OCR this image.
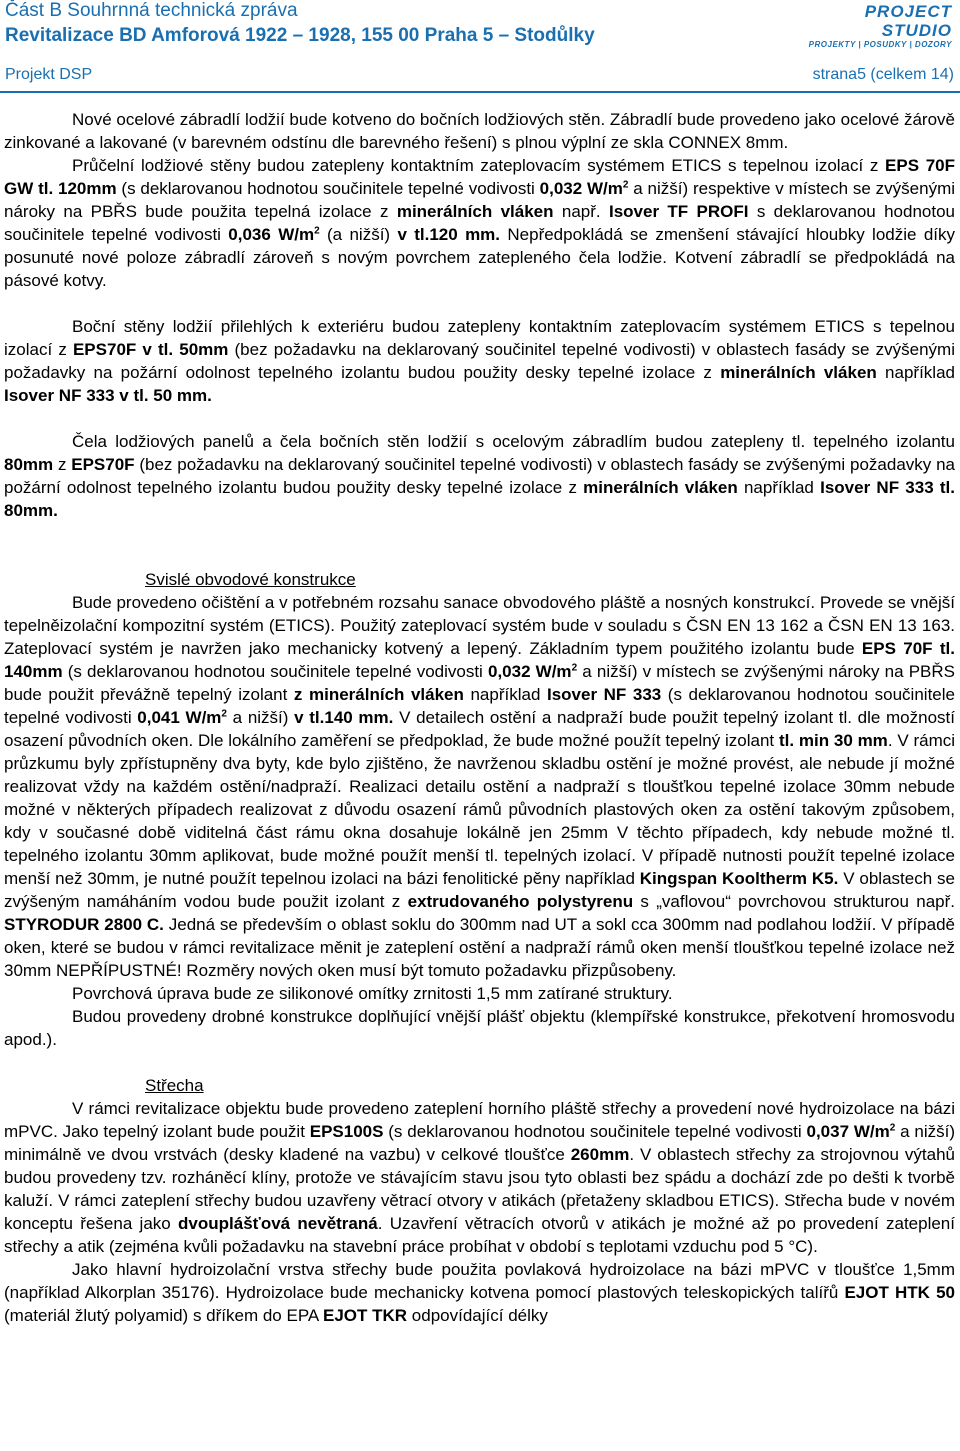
Část B Souhrnná technická zpráva
Revitalizace BD Amforová 1922 – 1928, 155 00 Praha 5 – Stodůlky
PROJECT
STUDIO
PROJEKTY | POSUDKY | DOZORY
Projekt DSP	strana5 (celkem 14)

Nové ocelové zábradlí lodžií bude kotveno do bočních lodžiových stěn. Zábradlí bude provedeno jako ocelové žárově zinkované a lakované (v barevném odstínu dle barevného řešení) s plnou výplní ze skla CONNEX 8mm.

Průčelní lodžiové stěny budou zatepleny kontaktním zateplovacím systémem ETICS s tepelnou izolací z EPS 70F GW tl. 120mm (s deklarovanou hodnotou součinitele tepelné vodivosti 0,032 $W/m^2$ a nižší) respektive v místech se zvýšenými nároky na PBŘS bude použita tepelná izolace z minerálních vláken např. Isover TF PROFI s deklarovanou hodnotou součinitele tepelné vodivosti 0,036 $W/m^2$ (a nižší) v tl.120 mm. Nepředpokládá se zmenšení stávající hloubky lodžie díky posunuté nové poloze zábradlí zároveň s novým povrchem zatepleného čela lodžie. Kotvení zábradlí se předpokládá na pásové kotvy.

Boční stěny lodžií přilehlých k exteriéru budou zatepleny kontaktním zateplovacím systémem ETICS s tepelnou izolací z EPS70F v tl. 50mm (bez požadavku na deklarovaný součinitel tepelné vodivosti) v oblastech fasády se zvýšenými požadavky na požární odolnost tepelného izolantu budou použity desky tepelné izolace z minerálních vláken například Isover NF 333 v tl. 50 mm.

Čela lodžiových panelů a čela bočních stěn lodžií s ocelovým zábradlím budou zatepleny tl. tepelného izolantu 80mm z EPS70F (bez požadavku na deklarovaný součinitel tepelné vodivosti) v oblastech fasády se zvýšenými požadavky na požární odolnost tepelného izolantu budou použity desky tepelné izolace z minerálních vláken například Isover NF 333 tl. 80mm.

Svislé obvodové konstrukce

Bude provedeno očištění a v potřebném rozsahu sanace obvodového pláště a nosných konstrukcí. Provede se vnější tepelněizolační kompozitní systém (ETICS). Použitý zateplovací systém bude v souladu s ČSN EN 13 162 a ČSN EN 13 163. Zateplovací systém je navržen jako mechanicky kotvený a lepený. Základním typem použitého izolantu bude EPS 70F tl. 140mm (s deklarovanou hodnotou součinitele tepelné vodivosti 0,032 $W/m^2$ a nižší) v místech se zvýšenými nároky na PBŘS bude použit převážně tepelný izolant z minerálních vláken například Isover NF 333 (s deklarovanou hodnotou součinitele tepelné vodivosti 0,041 $W/m^2$ a nižší) v tl.140 mm. V detailech ostění a nadpraží bude použit tepelný izolant tl. dle možností osazení původních oken. Dle lokálního zaměření se předpoklad, že bude možné použít tepelný izolant tl. min 30 mm. V rámci průzkumu byly zpřístupněny dva byty, kde bylo zjištěno, že navrženou skladbu ostění je možné provést, ale nebude jí možné realizovat vždy na každém ostění/nadpraží. Realizaci detailu ostění a nadpraží s tloušťkou tepelné izolace 30mm nebude možné v některých případech realizovat z důvodu osazení rámů původních plastových oken za ostění takovým způsobem, kdy v současné době viditelná část rámu okna dosahuje lokálně jen 25mm V těchto případech, kdy nebude možné tl. tepelného izolantu 30mm aplikovat, bude možné použít menší tl. tepelných izolací. V případě nutnosti použít tepelné izolace menší než 30mm, je nutné použít tepelnou izolaci na bázi fenolitické pěny například Kingspan Kooltherm K5. V oblastech se zvýšeným namáháním vodou bude použit izolant z extrudovaného polystyrenu s „vaflovou“ povrchovou strukturou např. STYRODUR 2800 C. Jedná se především o oblast soklu do 300mm nad UT a sokl cca 300mm nad podlahou lodžií. V případě oken, které se budou v rámci revitalizace měnit je zateplení ostění a nadpraží rámů oken menší tloušťkou tepelné izolace než 30mm NEPŘÍPUSTNÉ! Rozměry nových oken musí být tomuto požadavku přizpůsobeny.

Povrchová úprava bude ze silikonové omítky zrnitosti 1,5 mm zatírané struktury.

Budou provedeny drobné konstrukce doplňující vnější plášť objektu (klempířské konstrukce, překotvení hromosvodu apod.).

Střecha

V rámci revitalizace objektu bude provedeno zateplení horního pláště střechy a provedení nové hydroizolace na bázi mPVC. Jako tepelný izolant bude použit EPS100S (s deklarovanou hodnotou součinitele tepelné vodivosti 0,037 $W/m^2$ a nižší) minimálně ve dvou vrstvách (desky kladené na vazbu) v celkové tloušťce 260mm. V oblastech střechy za strojovnou výtahů budou provedeny tzv. rozháněcí klíny, protože ve stávajícím stavu jsou tyto oblasti bez spádu a dochází zde po dešti k tvorbě kaluží. V rámci zateplení střechy budou uzavřeny větrací otvory v atikách (přetaženy skladbou ETICS). Střecha bude v novém konceptu řešena jako dvouplášťová nevětraná. Uzavření větracích otvorů v atikách je možné až po provedení zateplení střechy a atik (zejména kvůli požadavku na stavební práce probíhat v období s teplotami vzduchu pod 5 °C).

Jako hlavní hydroizolační vrstva střechy bude použita povlaková hydroizolace na bázi mPVC v tloušťce 1,5mm (například Alkorplan 35176). Hydroizolace bude mechanicky kotvena pomocí plastových teleskopických talířů EJOT HTK 50 (materiál žlutý polyamid) s dříkem do EPA EJOT TKR odpovídající délky
